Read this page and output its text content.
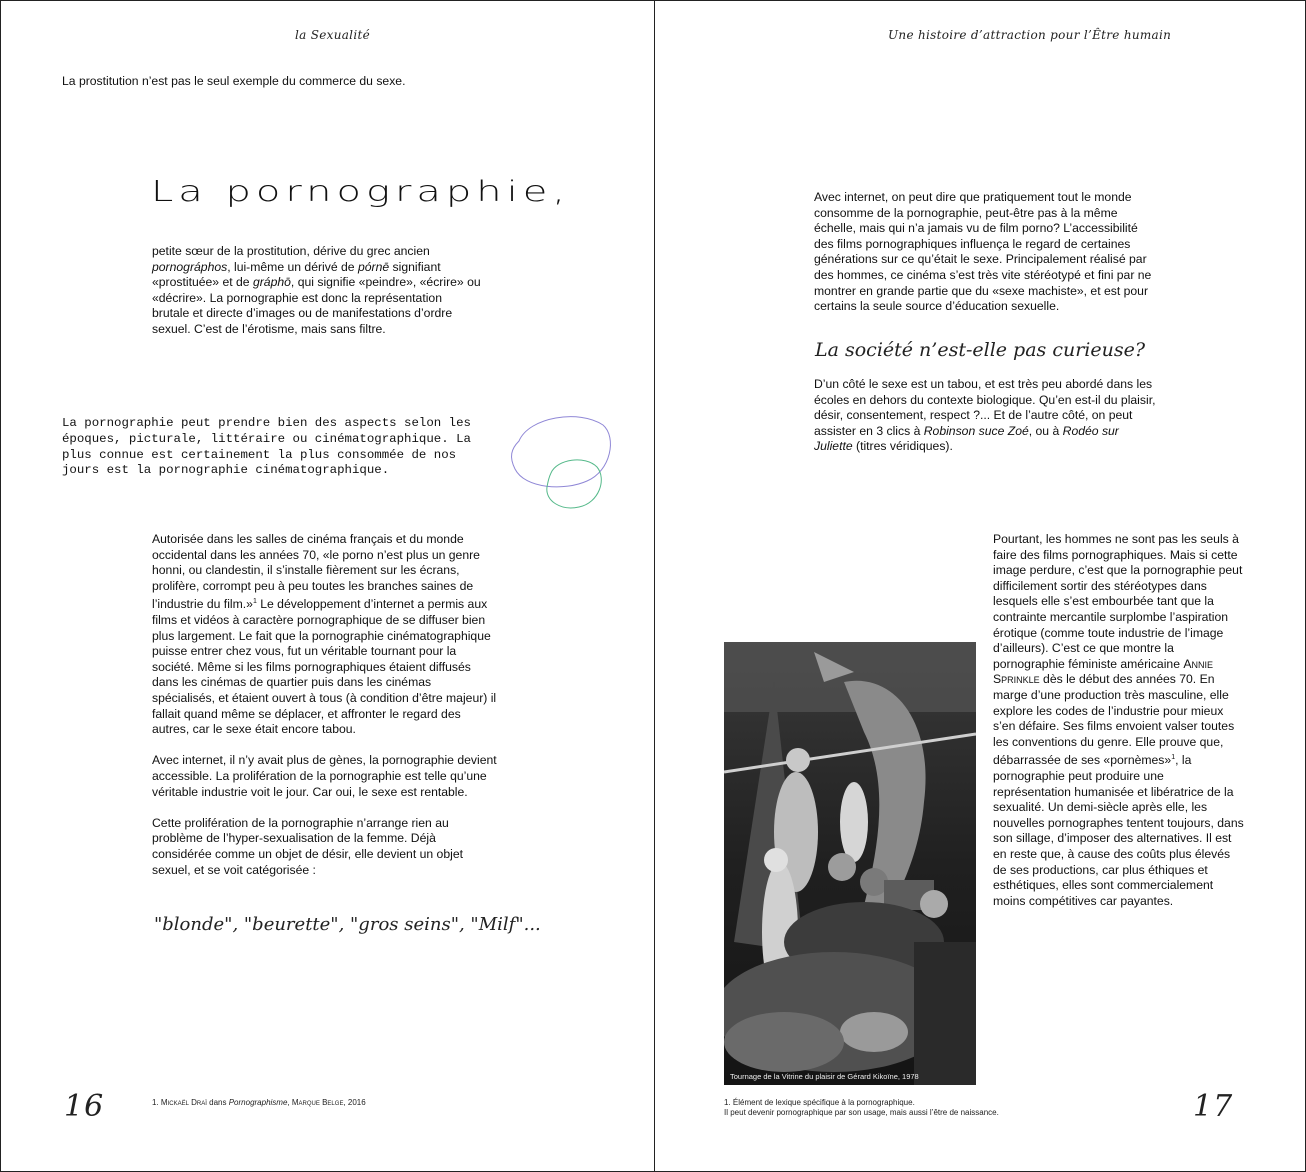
la Sexualité
La prostitution n’est pas le seul exemple du commerce du sexe.
La pornographie,
petite sœur de la prostitution, dérive du grec ancien pornográphos, lui-même un dérivé de pórnē signifiant «prostituée» et de gráphō, qui signifie «peindre», «écrire» ou «décrire». La pornographie est donc la représentation brutale et directe d’images ou de manifestations d’ordre sexuel. C’est de l’érotisme, mais sans filtre.
La pornographie peut prendre bien des aspects selon les époques, picturale, littéraire ou cinématographique. La plus connue est certainement la plus consommée de nos jours est la pornographie cinématographique.

Autorisée dans les salles de cinéma français et du monde occidental dans les années 70, «le porno n’est plus un genre honni, ou clandestin, il s’installe fièrement sur les écrans, prolifère, corrompt peu à peu toutes les branches saines de l’industrie du film.»$^1$ Le développement d’internet a permis aux films et vidéos à caractère pornographique de se diffuser bien plus largement. Le fait que la pornographie cinématographique puisse entrer chez vous, fut un véritable tournant pour la société. Même si les films pornographiques étaient diffusés dans les cinémas de quartier puis dans les cinémas spécialisés, et étaient ouvert à tous (à condition d’être majeur) il fallait quand même se déplacer, et affronter le regard des autres, car le sexe était encore tabou.

Avec internet, il n’y avait plus de gènes, la pornographie devient accessible. La prolifération de la pornographie est telle qu’une véritable industrie voit le jour. Car oui, le sexe est rentable.

Cette prolifération de la pornographie n’arrange rien au problème de l’hyper-sexualisation de la femme. Déjà considérée comme un objet de désir, elle devient un objet sexuel, et se voit catégorisée :

"blonde", "beurette", "gros seins", "Milf"...
16	1. Mickaël Draï dans Pornographisme, Marque Belge, 2016
Une histoire d’attraction pour l’Être humain
Avec internet, on peut dire que pratiquement tout le monde consomme de la pornographie, peut-être pas à la même échelle, mais qui n’a jamais vu de film porno? L’accessibilité des films pornographiques influença le regard de certaines générations sur ce qu’était le sexe. Principalement réalisé par des hommes, ce cinéma s’est très vite stéréotypé et fini par ne montrer en grande partie que du «sexe machiste», et est pour certains la seule source d’éducation sexuelle.
La société n’est-elle pas curieuse?
D’un côté le sexe est un tabou, et est très peu abordé dans les écoles en dehors du contexte biologique. Qu’en est-il du plaisir, désir, consentement, respect ?... Et de l’autre côté, on peut assister en 3 clics à Robinson suce Zoé, ou à Rodéo sur Juliette (titres véridiques).
Pourtant, les hommes ne sont pas les seuls à faire des films pornographiques. Mais si cette image perdure, c’est que la pornographie peut difficilement sortir des stéréotypes dans lesquels elle s’est embourbée tant que la contrainte mercantile surplombe l’aspiration érotique (comme toute industrie de l’image d’ailleurs). C’est ce que montre la pornographie féministe américaine Annie Sprinkle dès le début des années 70. En marge d’une production très masculine, elle explore les codes de l’industrie pour mieux s’en défaire. Ses films envoient valser toutes les conventions du genre. Elle prouve que, débarrassée de ses «pornèmes»$^1$, la pornographie peut produire une représentation humanisée et libératrice de la sexualité. Un demi-siècle après elle, les nouvelles pornographes tentent toujours, dans son sillage, d’imposer des alternatives. Il est en reste que, à cause des coûts plus élevés de ses productions, car plus éthiques et esthétiques, elles sont commercialement moins compétitives car payantes.
Tournage de la Vitrine du plaisir de Gérard Kikoïne, 1978
1. Élément de lexique spécifique à la pornographique.
Il peut devenir pornographique par son usage, mais aussi l’être de naissance.	17
